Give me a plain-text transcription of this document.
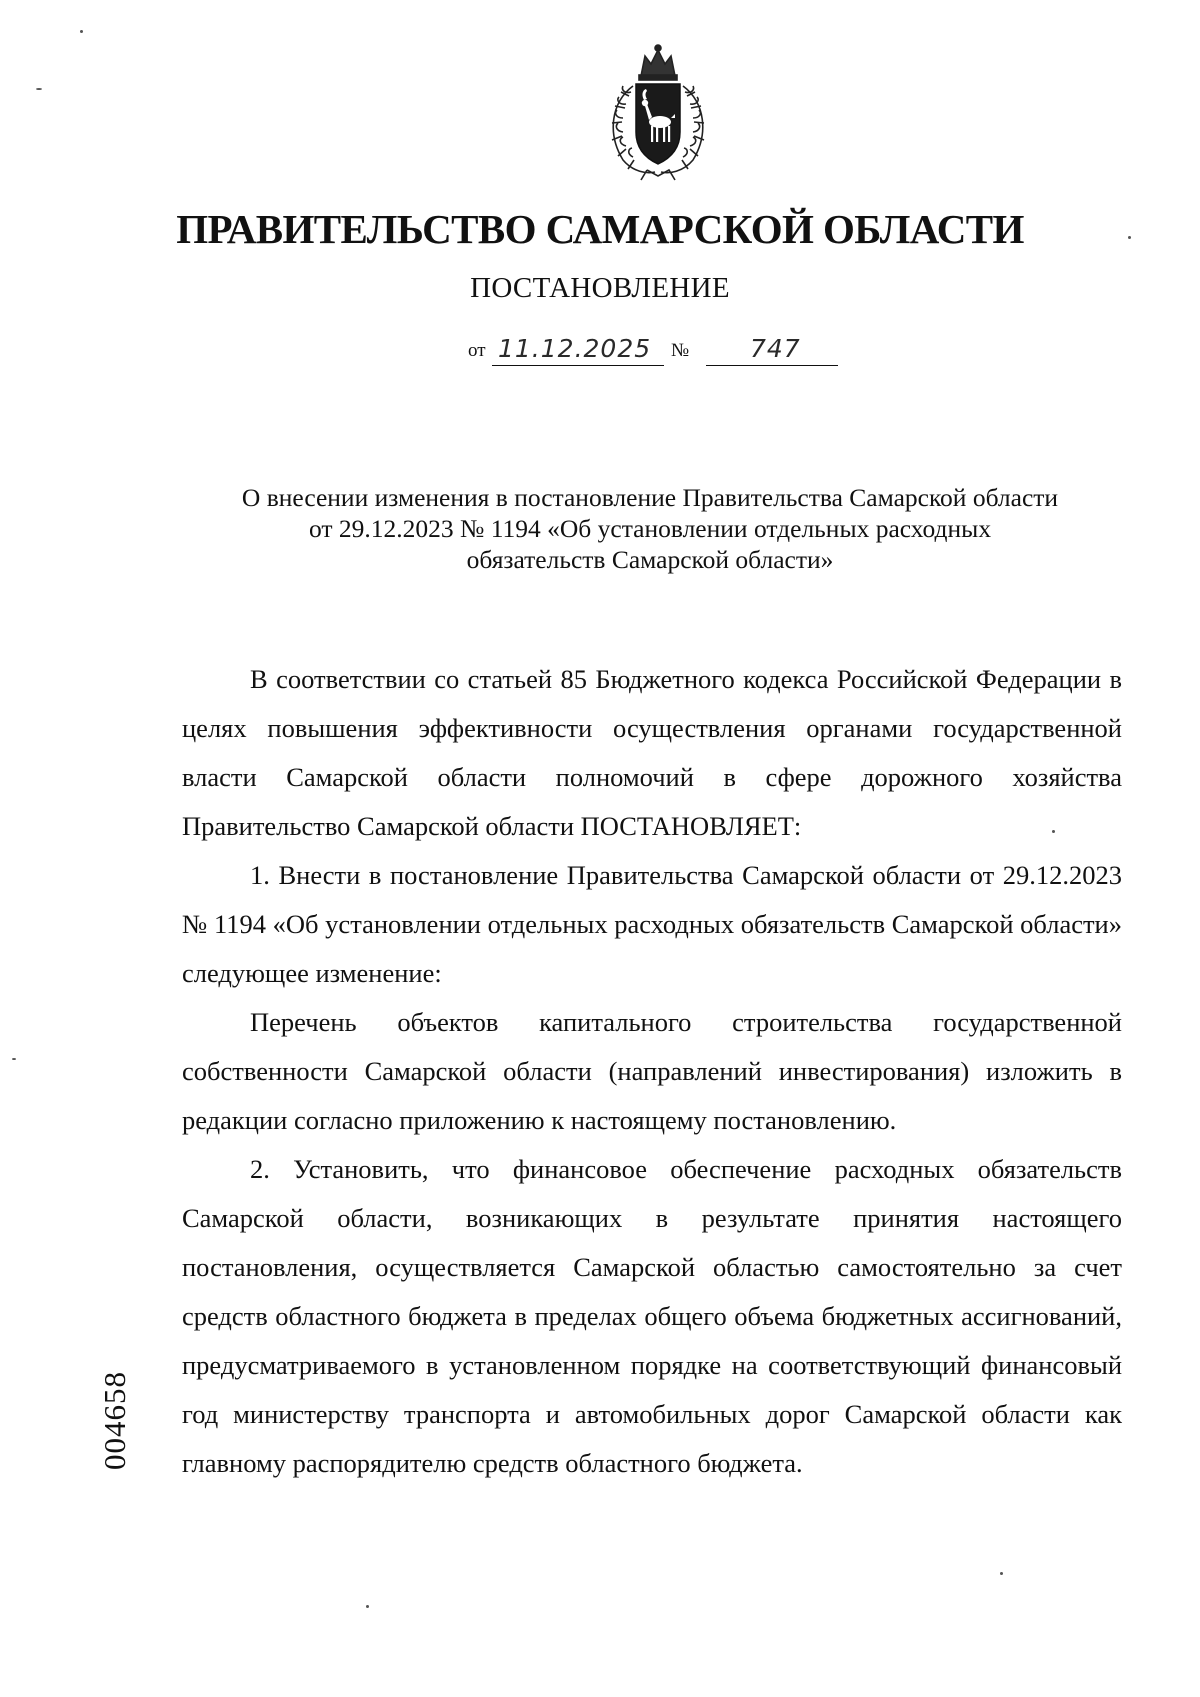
ПРАВИТЕЛЬСТВО САМАРСКОЙ ОБЛАСТИ
ПОСТАНОВЛЕНИЕ
от 11.12.2025 № 747
О внесении изменения в постановление Правительства Самарской области
от 29.12.2023 № 1194 «Об установлении отдельных расходных
обязательств Самарской области»

В соответствии со статьей 85 Бюджетного кодекса Российской Федерации в целях повышения эффективности осуществления органами государственной власти Самарской области полномочий в сфере дорожного хозяйства Правительство Самарской области ПОСТАНОВЛЯЕТ:

1. Внести в постановление Правительства Самарской области от 29.12.2023 № 1194 «Об установлении отдельных расходных обязательств Самарской области» следующее изменение:

Перечень объектов капитального строительства государственной собственности Самарской области (направлений инвестирования) изложить в редакции согласно приложению к настоящему постановлению.

2. Установить, что финансовое обеспечение расходных обязательств Самарской области, возникающих в результате принятия настоящего постановления, осуществляется Самарской областью самостоятельно за счет средств областного бюджета в пределах общего объема бюджетных ассигнований, предусматриваемого в установленном порядке на соответствующий финансовый год министерству транспорта и автомобильных дорог Самарской области как главному распорядителю средств областного бюджета.

004658
